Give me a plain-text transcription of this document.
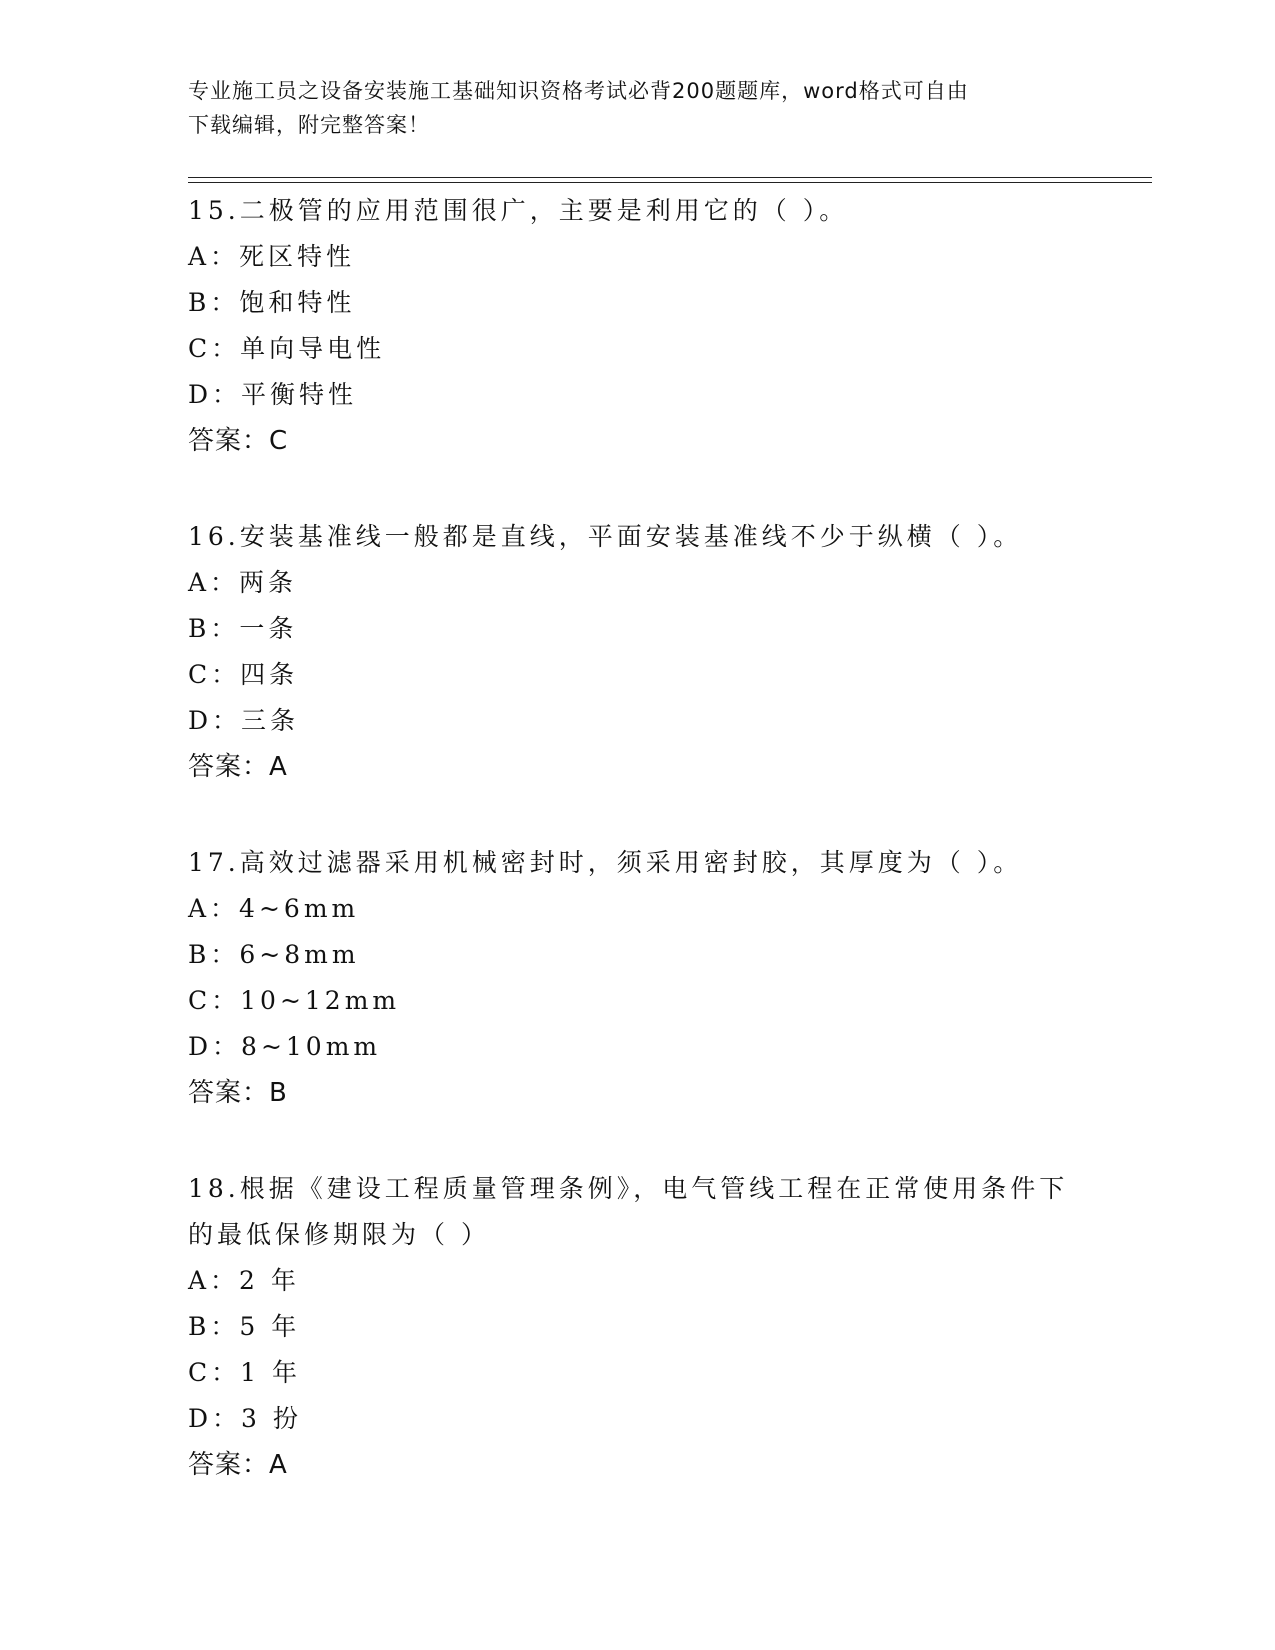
专业施工员之设备安装施工基础知识资格考试必背200题题库，word格式可自由
下载编辑，附完整答案！
15.二极管的应用范围很广，主要是利用它的（ ）。
A：死区特性
B：饱和特性
C：单向导电性
D：平衡特性
答案：C
16.安装基准线一般都是直线，平面安装基准线不少于纵横（ ）。
A：两条
B：一条
C：四条
D：三条
答案：A
17.高效过滤器采用机械密封时，须采用密封胶，其厚度为（ ）。
A：4~6mm
B：6~8mm
C：10~12mm
D：8~10mm
答案：B
18.根据《建设工程质量管理条例》，电气管线工程在正常使用条件下
的最低保修期限为（ ）
A：2 年
B：5 年
C：1 年
D：3 扮
答案：A
